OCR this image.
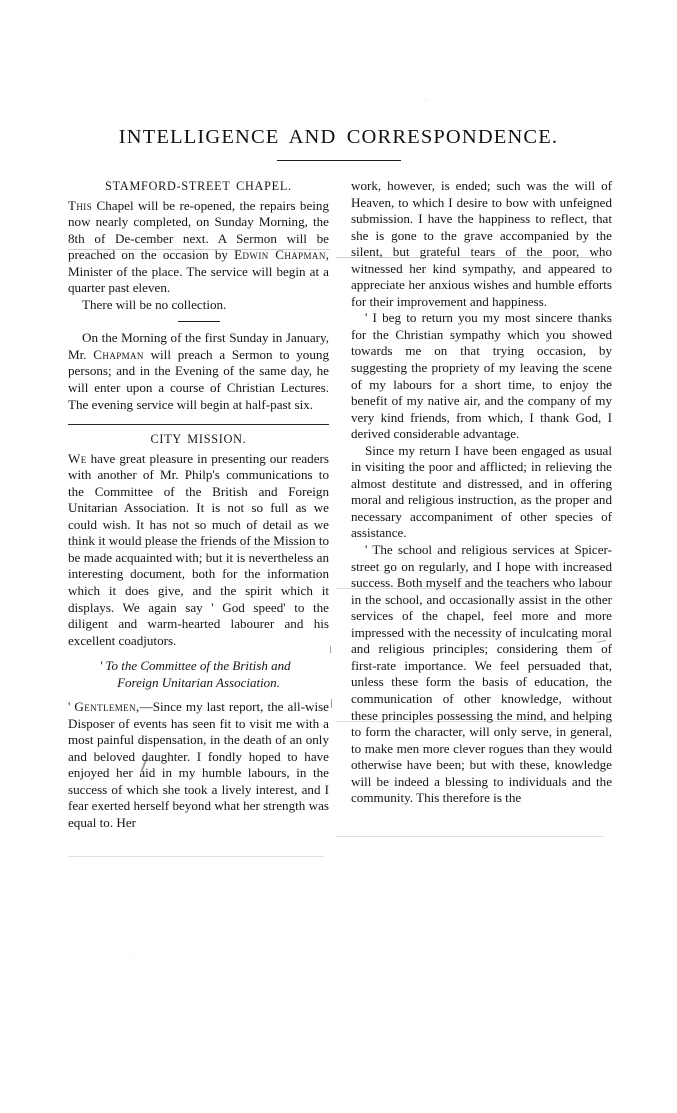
INTELLIGENCE AND CORRESPONDENCE.
STAMFORD-STREET CHAPEL.

This Chapel will be re-opened, the repairs being now nearly completed, on Sunday Morning, the 8th of De-cember next. A Sermon will be preached on the occasion by Edwin Chapman, Minister of the place. The service will begin at a quarter past eleven.

There will be no collection.

On the Morning of the first Sunday in January, Mr. Chapman will preach a Sermon to young persons; and in the Evening of the same day, he will enter upon a course of Christian Lectures. The evening service will begin at half-past six.

CITY MISSION.

We have great pleasure in presenting our readers with another of Mr. Philp's communications to the Committee of the British and Foreign Unitarian Association. It is not so full as we could wish. It has not so much of detail as we think it would please the friends of the Mission to be made acquainted with; but it is nevertheless an interesting document, both for the information which it does give, and the spirit which it displays. We again say ' God speed' to the diligent and warm-hearted labourer and his excellent coadjutors.

' To the Committee of the British and
Foreign Unitarian Association.

' Gentlemen,—Since my last report, the all-wise Disposer of events has seen fit to visit me with a most painful dispensation, in the death of an only and beloved daughter. I fondly hoped to have enjoyed her aid in my humble labours, in the success of which she took a lively interest, and I fear exerted herself beyond what her strength was equal to. Her

work, however, is ended; such was the will of Heaven, to which I desire to bow with unfeigned submission. I have the happiness to reflect, that she is gone to the grave accompanied by the silent, but grateful tears of the poor, who witnessed her kind sympathy, and appeared to appreciate her anxious wishes and humble efforts for their improvement and happiness.

' I beg to return you my most sincere thanks for the Christian sympathy which you showed towards me on that trying occasion, by suggesting the propriety of my leaving the scene of my labours for a short time, to enjoy the benefit of my native air, and the company of my very kind friends, from which, I thank God, I derived considerable advantage.

Since my return I have been engaged as usual in visiting the poor and afflicted; in relieving the almost destitute and distressed, and in offering moral and religious instruction, as the proper and necessary accompaniment of other species of assistance.

' The school and religious services at Spicer-street go on regularly, and I hope with increased success. Both myself and the teachers who labour in the school, and occasionally assist in the other services of the chapel, feel more and more impressed with the necessity of inculcating moral and religious principles; considering them of first-rate importance. We feel persuaded that, unless these form the basis of education, the communication of other knowledge, without these principles possessing the mind, and helping to form the character, will only serve, in general, to make men more clever rogues than they would otherwise have been; but with these, knowledge will be indeed a blessing to individuals and the community. This therefore is the
